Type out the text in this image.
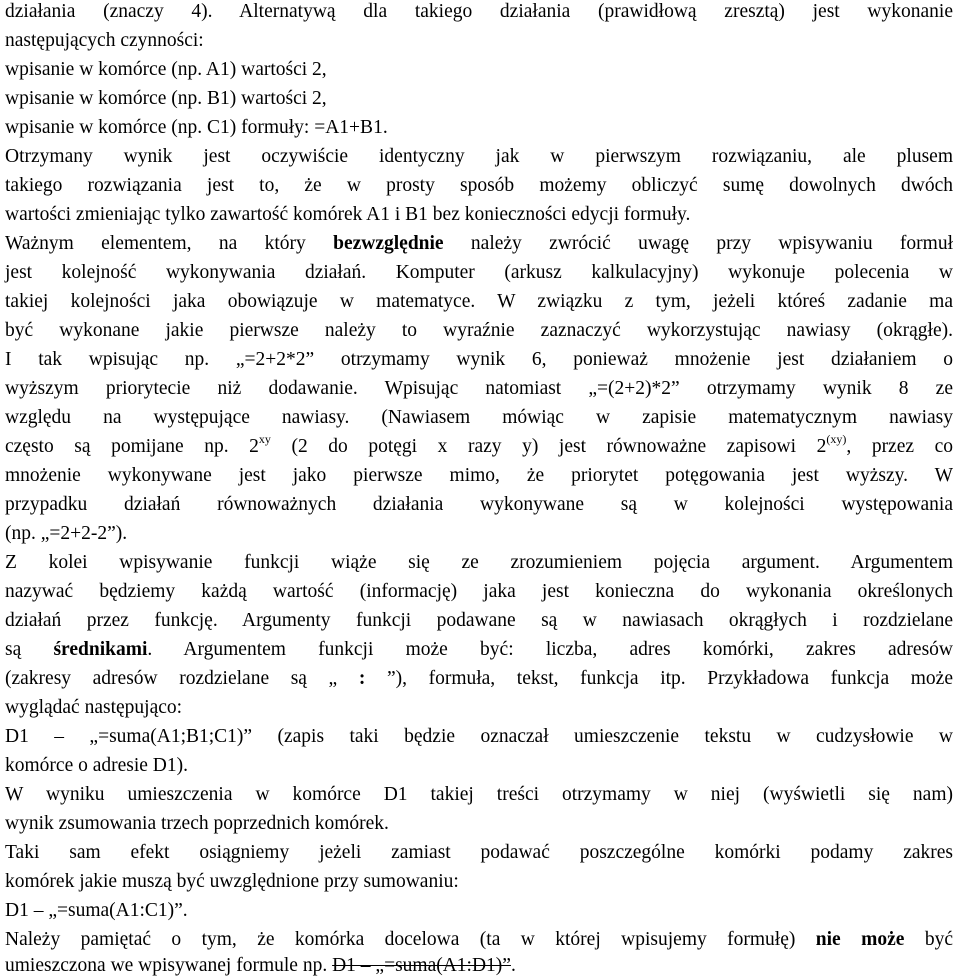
działania (znaczy 4). Alternatywą dla takiego działania (prawidłową zresztą) jest wykonanie
następujących czynności:
wpisanie w komórce (np. A1) wartości 2,
wpisanie w komórce (np. B1) wartości 2,
wpisanie w komórce (np. C1) formuły: =A1+B1.
Otrzymany wynik jest oczywiście identyczny jak w pierwszym rozwiązaniu, ale plusem
takiego rozwiązania jest to, że w prosty sposób możemy obliczyć sumę dowolnych dwóch
wartości zmieniając tylko zawartość komórek A1 i B1 bez konieczności edycji formuły.
Ważnym elementem, na który bezwzględnie należy zwrócić uwagę przy wpisywaniu formuł
jest kolejność wykonywania działań. Komputer (arkusz kalkulacyjny) wykonuje polecenia w
takiej kolejności jaka obowiązuje w matematyce. W związku z tym, jeżeli któreś zadanie ma
być wykonane jakie pierwsze należy to wyraźnie zaznaczyć wykorzystując nawiasy (okrągłe).
I tak wpisując np. „=2+2*2” otrzymamy wynik 6, ponieważ mnożenie jest działaniem o
wyższym priorytecie niż dodawanie. Wpisując natomiast „=(2+2)*2” otrzymamy wynik 8 ze
względu na występujące nawiasy. (Nawiasem mówiąc w zapisie matematycznym nawiasy
często są pomijane np. $2^{xy}$ (2 do potęgi x razy y) jest równoważne zapisowi $2^{(xy)}$, przez co
mnożenie wykonywane jest jako pierwsze mimo, że priorytet potęgowania jest wyższy. W
przypadku działań równoważnych działania wykonywane są w kolejności występowania
(np. „=2+2-2”).
Z kolei wpisywanie funkcji wiąże się ze zrozumieniem pojęcia argument. Argumentem
nazywać będziemy każdą wartość (informację) jaka jest konieczna do wykonania określonych
działań przez funkcję. Argumenty funkcji podawane są w nawiasach okrągłych i rozdzielane
są średnikami. Argumentem funkcji może być: liczba, adres komórki, zakres adresów
(zakresy adresów rozdzielane są „ : ”), formuła, tekst, funkcja itp. Przykładowa funkcja może
wyglądać następująco:
D1 – „=suma(A1;B1;C1)” (zapis taki będzie oznaczał umieszczenie tekstu w cudzysłowie w
komórce o adresie D1).
W wyniku umieszczenia w komórce D1 takiej treści otrzymamy w niej (wyświetli się nam)
wynik zsumowania trzech poprzednich komórek.
Taki sam efekt osiągniemy jeżeli zamiast podawać poszczególne komórki podamy zakres
komórek jakie muszą być uwzględnione przy sumowaniu:
D1 – „=suma(A1:C1)”.
Należy pamiętać o tym, że komórka docelowa (ta w której wpisujemy formułę) nie może być
umieszczona we wpisywanej formule np. D1 – „=suma(A1:D1)”.
